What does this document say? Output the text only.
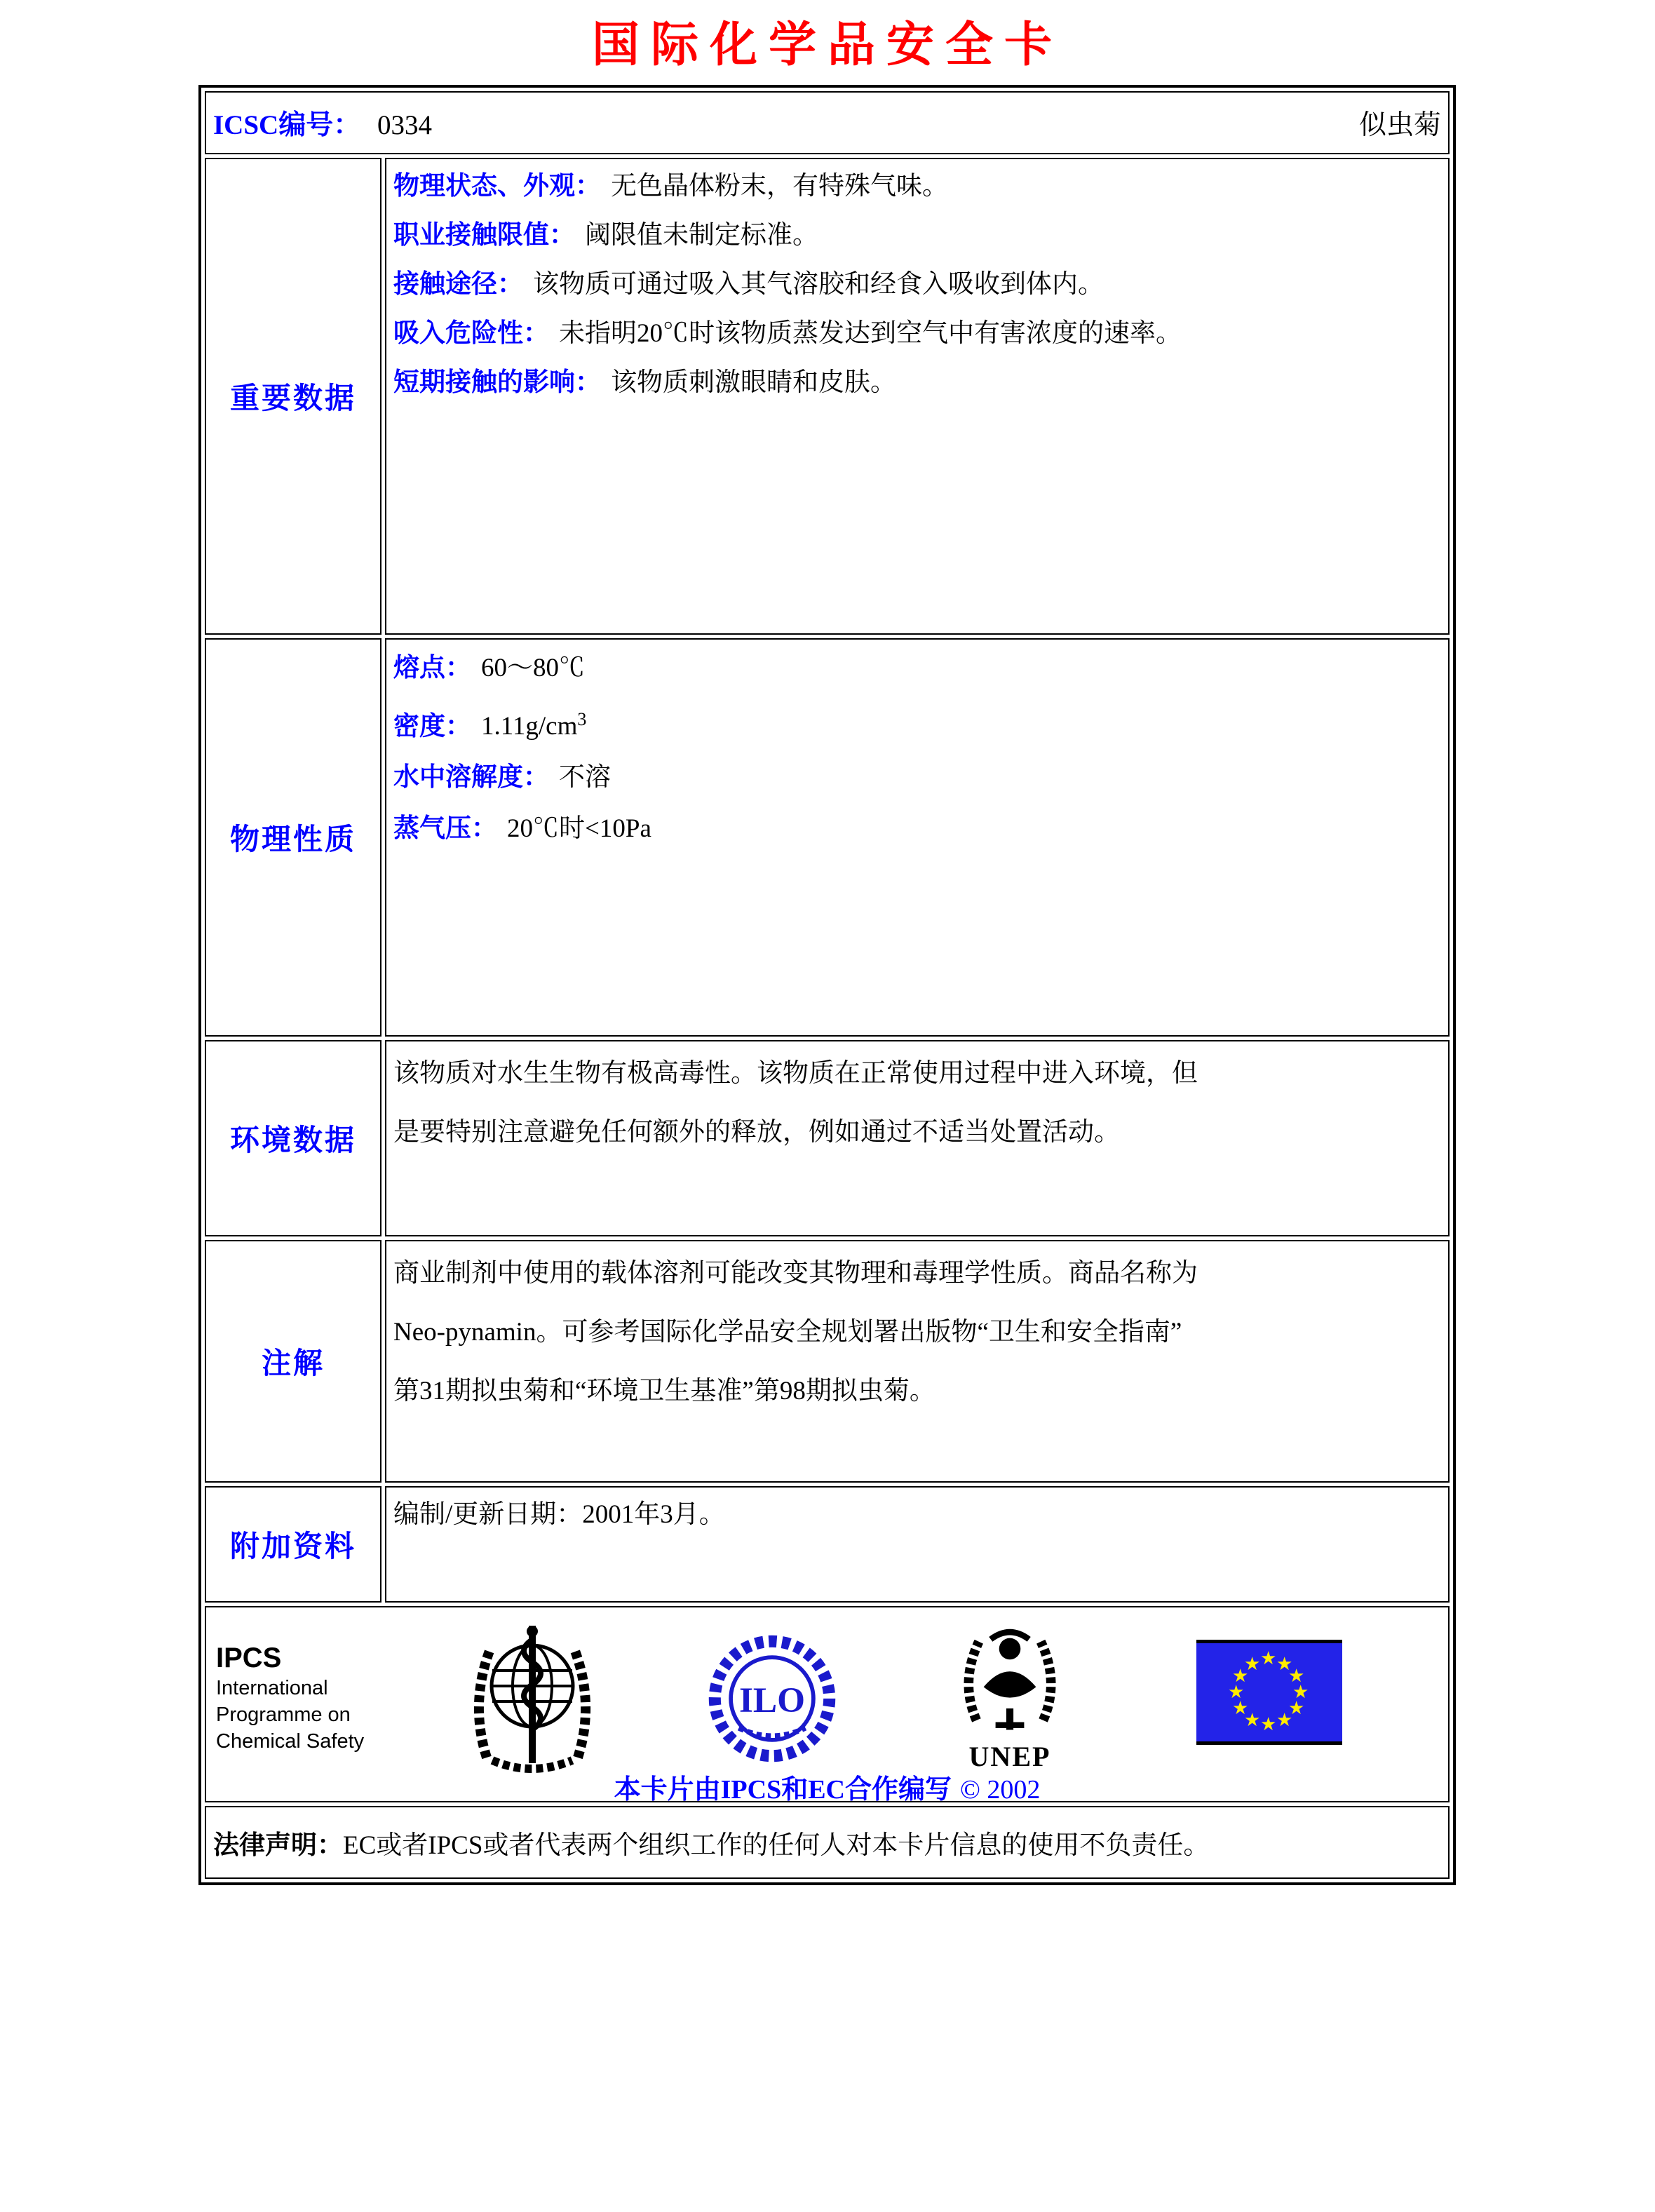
国际化学品安全卡
ICSC编号： 0334 似虫菊	

重要数据	物理状态、外观： 无色晶体粉末，有特殊气味。
职业接触限值： 阈限值未制定标准。
接触途径： 该物质可通过吸入其气溶胶和经食入吸收到体内。
吸入危险性： 未指明20℃时该物质蒸发达到空气中有害浓度的速率。
短期接触的影响： 该物质刺激眼睛和皮肤。

物理性质	熔点： 60～80℃
密度： $1.11g/cm^3$
水中溶解度： 不溶
蒸气压： 20℃时<10Pa

环境数据	该物质对水生生物有极高毒性。该物质在正常使用过程中进入环境，但
是要特别注意避免任何额外的释放，例如通过不适当处置活动。

注解	商业制剂中使用的载体溶剂可能改变其物理和毒理学性质。商品名称为
Neo-pynamin。可参考国际化学品安全规划署出版物“卫生和安全指南”
第31期拟虫菊和“环境卫生基准”第98期拟虫菊。

附加资料	编制/更新日期：2001年3月。

IPCS
International
Programme on
Chemical Safety
ILO
UNEP
★ ★
★
★
★
★
★
★
★
★
★
★
本卡片由IPCS和EC合作编写 © 2002

法律声明：EC或者IPCS或者代表两个组织工作的任何人对本卡片信息的使用不负责任。	
